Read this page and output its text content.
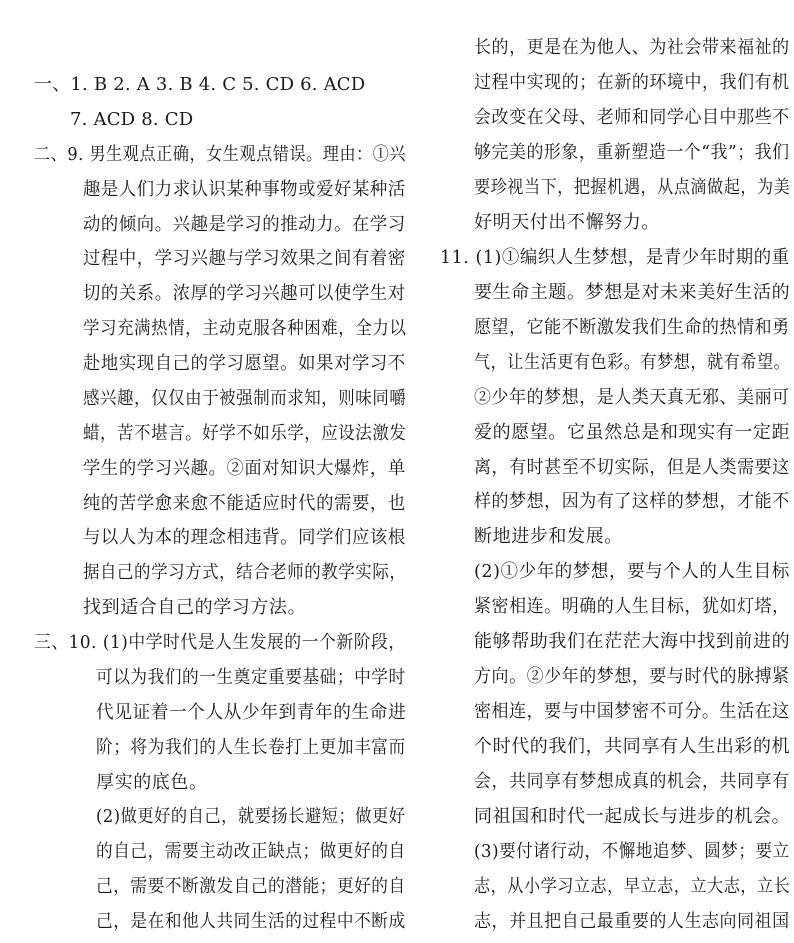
一、1. B 2. A 3. B 4. C 5. CD 6. ACD
7. ACD 8. CD
二、9. 男生观点正确，女生观点错误。理由：①兴
趣是人们力求认识某种事物或爱好某种活
动的倾向。兴趣是学习的推动力。在学习
过程中，学习兴趣与学习效果之间有着密
切的关系。浓厚的学习兴趣可以使学生对
学习充满热情，主动克服各种困难，全力以
赴地实现自己的学习愿望。如果对学习不
感兴趣，仅仅由于被强制而求知，则味同嚼
蜡，苦不堪言。好学不如乐学，应设法激发
学生的学习兴趣。②面对知识大爆炸，单
纯的苦学愈来愈不能适应时代的需要，也
与以人为本的理念相违背。同学们应该根
据自己的学习方式，结合老师的教学实际，
找到适合自己的学习方法。
三、10. (1)中学时代是人生发展的一个新阶段，
可以为我们的一生奠定重要基础；中学时
代见证着一个人从少年到青年的生命进
阶；将为我们的人生长卷打上更加丰富而
厚实的底色。
(2)做更好的自己，就要扬长避短；做更好
的自己，需要主动改正缺点；做更好的自
己，需要不断激发自己的潜能；更好的自
己，是在和他人共同生活的过程中不断成
长的，更是在为他人、为社会带来福祉的
过程中实现的；在新的环境中，我们有机
会改变在父母、老师和同学心目中那些不
够完美的形象，重新塑造一个“我”；我们
要珍视当下，把握机遇，从点滴做起，为美
好明天付出不懈努力。
11. (1)①编织人生梦想，是青少年时期的重
要生命主题。梦想是对未来美好生活的
愿望，它能不断激发我们生命的热情和勇
气，让生活更有色彩。有梦想，就有希望。
②少年的梦想，是人类天真无邪、美丽可
爱的愿望。它虽然总是和现实有一定距
离，有时甚至不切实际，但是人类需要这
样的梦想，因为有了这样的梦想，才能不
断地进步和发展。
(2)①少年的梦想，要与个人的人生目标
紧密相连。明确的人生目标，犹如灯塔，
能够帮助我们在茫茫大海中找到前进的
方向。②少年的梦想，要与时代的脉搏紧
密相连，要与中国梦密不可分。生活在这
个时代的我们，共同享有人生出彩的机
会，共同享有梦想成真的机会，共同享有
同祖国和时代一起成长与进步的机会。
(3)要付诸行动，不懈地追梦、圆梦；要立
志，从小学习立志，早立志，立大志，立长
志，并且把自己最重要的人生志向同祖国
